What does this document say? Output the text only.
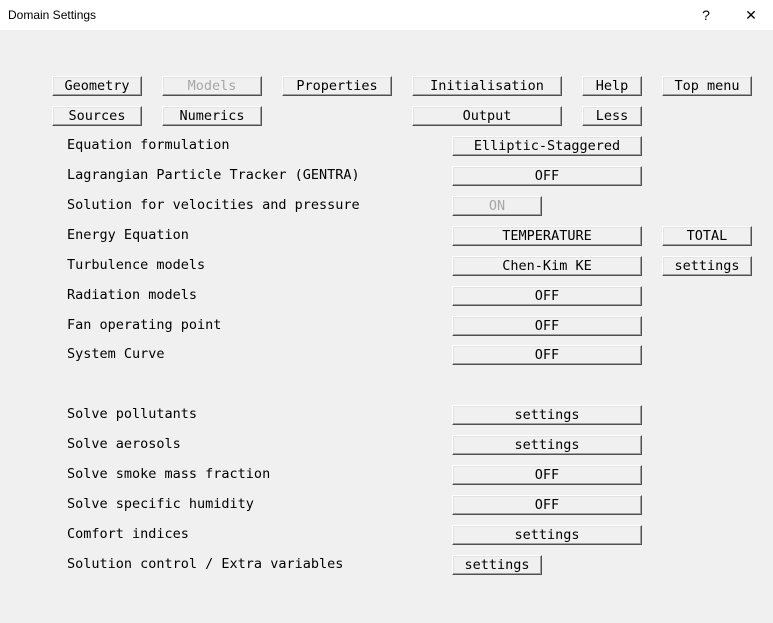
Domain Settings	?	✕
Geometry	Models	Properties	Initialisation	Help	Top menu
Sources	Numerics	Output	Less
Equation formulation	Elliptic-Staggered
Lagrangian Particle Tracker (GENTRA)	OFF
Solution for velocities and pressure	ON
Energy Equation	TEMPERATURE	TOTAL
Turbulence models	Chen-Kim KE	settings
Radiation models	OFF
Fan operating point	OFF
System Curve	OFF
Solve pollutants	settings
Solve aerosols	settings
Solve smoke mass fraction	OFF
Solve specific humidity	OFF
Comfort indices	settings
Solution control / Extra variables	settings
